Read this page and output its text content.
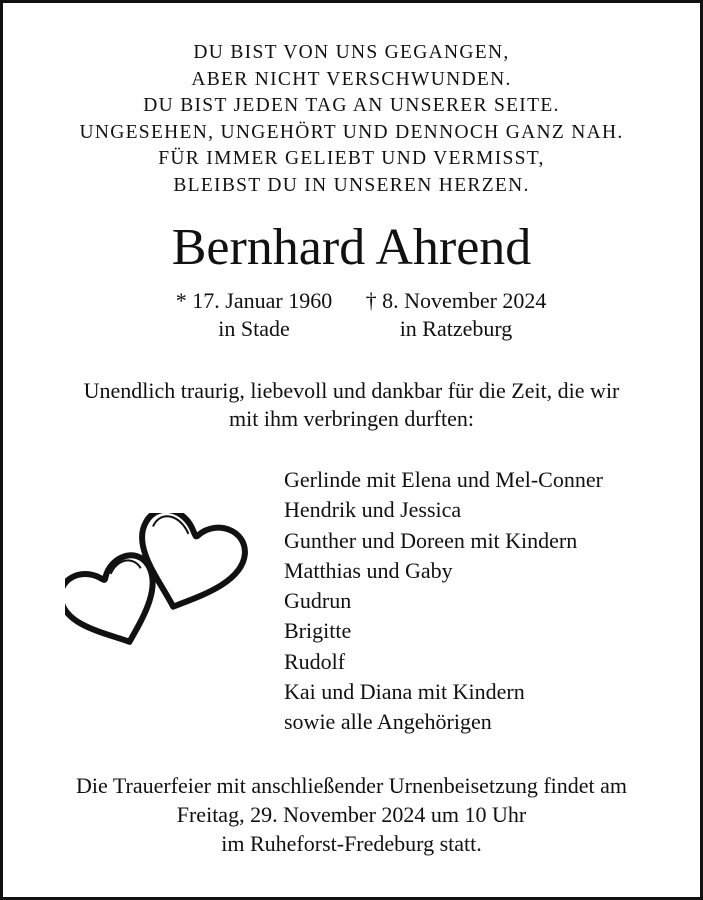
DU BIST VON UNS GEGANGEN,
ABER NICHT VERSCHWUNDEN.
DU BIST JEDEN TAG AN UNSERER SEITE.
UNGESEHEN, UNGEHÖRT UND DENNOCH GANZ NAH.
FÜR IMMER GELIEBT UND VERMISST,
BLEIBST DU IN UNSEREN HERZEN.
Bernhard Ahrend
* 17. Januar 1960
in Stade
† 8. November 2024
in Ratzeburg
Unendlich traurig, liebevoll und dankbar für die Zeit, die wir
mit ihm verbringen durften:
Gerlinde mit Elena und Mel-Conner
Hendrik und Jessica
Gunther und Doreen mit Kindern
Matthias und Gaby
Gudrun
Brigitte
Rudolf
Kai und Diana mit Kindern
sowie alle Angehörigen
Die Trauerfeier mit anschließender Urnenbeisetzung findet am
Freitag, 29. November 2024 um 10 Uhr
im Ruheforst-Fredeburg statt.
